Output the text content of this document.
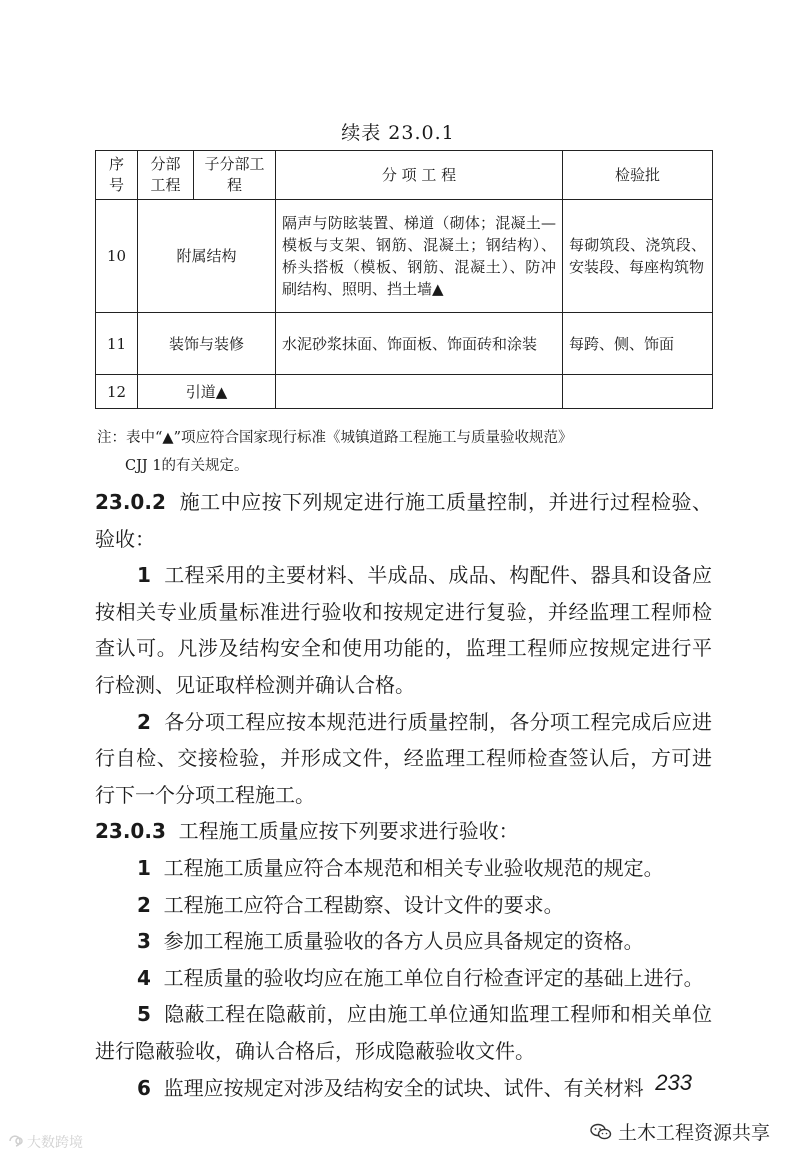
续表 23.0.1
序号	分部工程	子分部工程	分 项 工 程	检验批
10	附属结构		隔声与防眩装置、梯道（砌体；混凝土—模板与支架、钢筋、混凝土；钢结构）、桥头搭板（模板、钢筋、混凝土）、防冲刷结构、照明、挡土墙▲	每砌筑段、浇筑段、安装段、每座构筑物
11	装饰与装修		水泥砂浆抹面、饰面板、饰面砖和涂装	每跨、侧、饰面
12	引道▲			
注：表中“▲”项应符合国家现行标准《城镇道路工程施工与质量验收规范》
CJJ 1的有关规定。

23.0.2 施工中应按下列规定进行施工质量控制，并进行过程检验、验收：

1 工程采用的主要材料、半成品、成品、构配件、器具和设备应按相关专业质量标准进行验收和按规定进行复验，并经监理工程师检查认可。凡涉及结构安全和使用功能的，监理工程师应按规定进行平行检测、见证取样检测并确认合格。

2 各分项工程应按本规范进行质量控制，各分项工程完成后应进行自检、交接检验，并形成文件，经监理工程师检查签认后，方可进行下一个分项工程施工。

23.0.3 工程施工质量应按下列要求进行验收：

1 工程施工质量应符合本规范和相关专业验收规范的规定。

2 工程施工应符合工程勘察、设计文件的要求。

3 参加工程施工质量验收的各方人员应具备规定的资格。

4 工程质量的验收均应在施工单位自行检查评定的基础上进行。

5 隐蔽工程在隐蔽前，应由施工单位通知监理工程师和相关单位进行隐蔽验收，确认合格后，形成隐蔽验收文件。

6 监理应按规定对涉及结构安全的试块、试件、有关材料 233
土木工程资源共享
大数跨境
